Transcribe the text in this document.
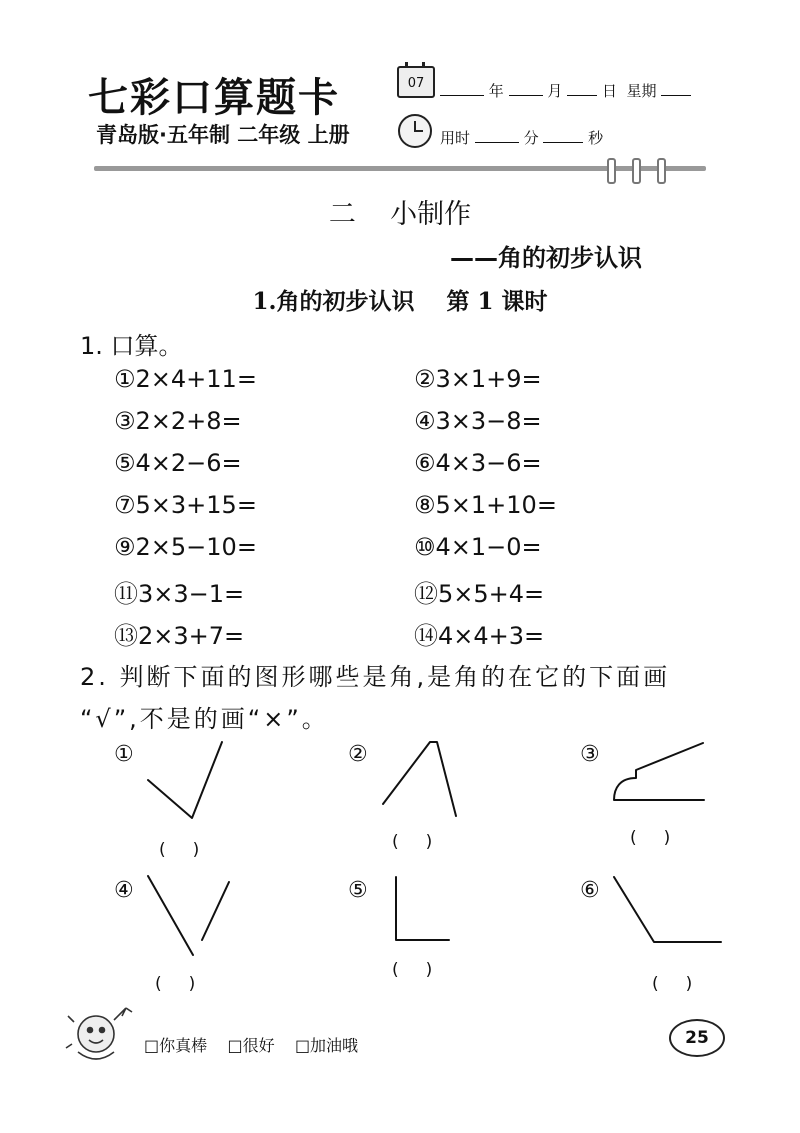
七彩口算题卡
青岛版·五年制 二年级 上册
07	年	月	日 星期
用时	分	秒
二    小制作
——角的初步认识
1.角的初步认识    第 1 课时
1. 口算。
①2×4+11=	②3×1+9=
③2×2+8=	④3×3−8=
⑤4×2−6=	⑥4×3−6=
⑦5×3+15=	⑧5×1+10=
⑨2×5−10=	⑩4×1−0=
⑪3×3−1=	⑫5×5+4=
⑬2×3+7=	⑭4×4+3=
2. 判断下面的图形哪些是角,是角的在它的下面画
“√”,不是的画“×”。
①	②	③
④	⑤	⑥
(     )	(     )	(     )
(     )
(     )
(     )
□你真棒 □很好 □加油哦	25
